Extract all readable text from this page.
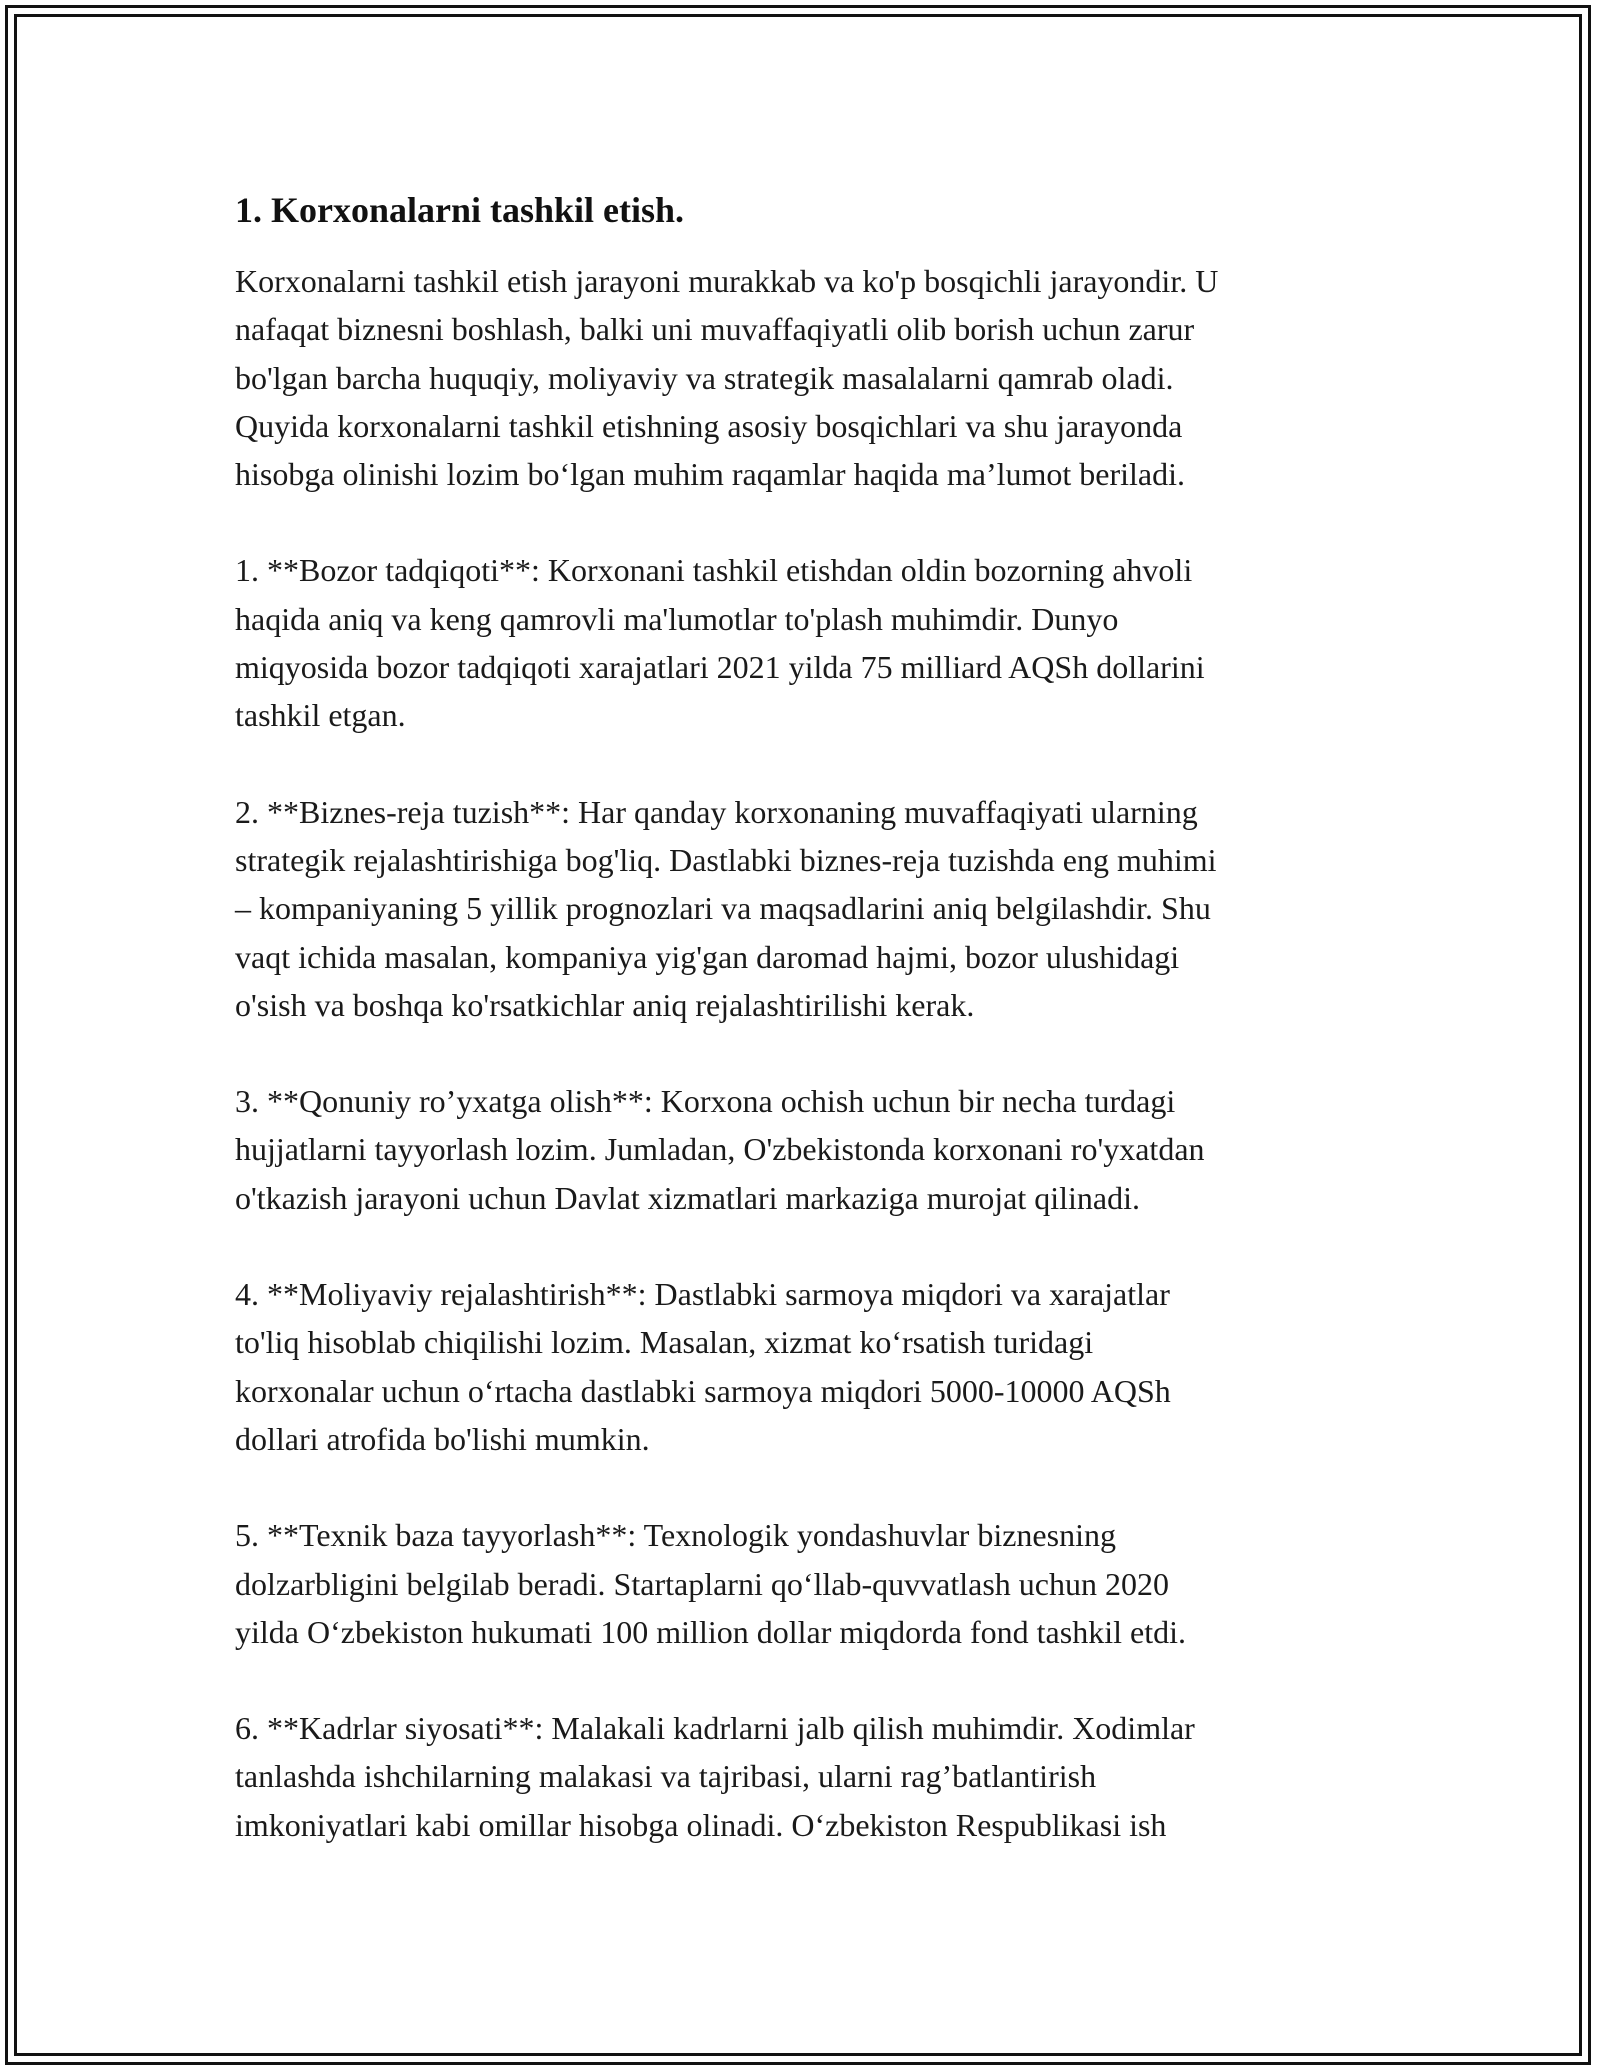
1. Korxonalarni tashkil etish.
Korxonalarni tashkil etish jarayoni murakkab va ko'p bosqichli jarayondir. U
nafaqat biznesni boshlash, balki uni muvaffaqiyatli olib borish uchun zarur
bo'lgan barcha huquqiy, moliyaviy va strategik masalalarni qamrab oladi.
Quyida korxonalarni tashkil etishning asosiy bosqichlari va shu jarayonda
hisobga olinishi lozim bo‘lgan muhim raqamlar haqida ma’lumot beriladi.
1. **Bozor tadqiqoti**: Korxonani tashkil etishdan oldin bozorning ahvoli
haqida aniq va keng qamrovli ma'lumotlar to'plash muhimdir. Dunyo
miqyosida bozor tadqiqoti xarajatlari 2021 yilda 75 milliard AQSh dollarini
tashkil etgan.
2. **Biznes-reja tuzish**: Har qanday korxonaning muvaffaqiyati ularning
strategik rejalashtirishiga bog'liq. Dastlabki biznes-reja tuzishda eng muhimi
– kompaniyaning 5 yillik prognozlari va maqsadlarini aniq belgilashdir. Shu
vaqt ichida masalan, kompaniya yig'gan daromad hajmi, bozor ulushidagi
o'sish va boshqa ko'rsatkichlar aniq rejalashtirilishi kerak.
3. **Qonuniy ro’yxatga olish**: Korxona ochish uchun bir necha turdagi
hujjatlarni tayyorlash lozim. Jumladan, O'zbekistonda korxonani ro'yxatdan
o'tkazish jarayoni uchun Davlat xizmatlari markaziga murojat qilinadi.
4. **Moliyaviy rejalashtirish**: Dastlabki sarmoya miqdori va xarajatlar
to'liq hisoblab chiqilishi lozim. Masalan, xizmat ko‘rsatish turidagi
korxonalar uchun o‘rtacha dastlabki sarmoya miqdori 5000-10000 AQSh
dollari atrofida bo'lishi mumkin.
5. **Texnik baza tayyorlash**: Texnologik yondashuvlar biznesning
dolzarbligini belgilab beradi. Startaplarni qo‘llab-quvvatlash uchun 2020
yilda O‘zbekiston hukumati 100 million dollar miqdorda fond tashkil etdi.
6. **Kadrlar siyosati**: Malakali kadrlarni jalb qilish muhimdir. Xodimlar
tanlashda ishchilarning malakasi va tajribasi, ularni rag’batlantirish
imkoniyatlari kabi omillar hisobga olinadi. O‘zbekiston Respublikasi ish
